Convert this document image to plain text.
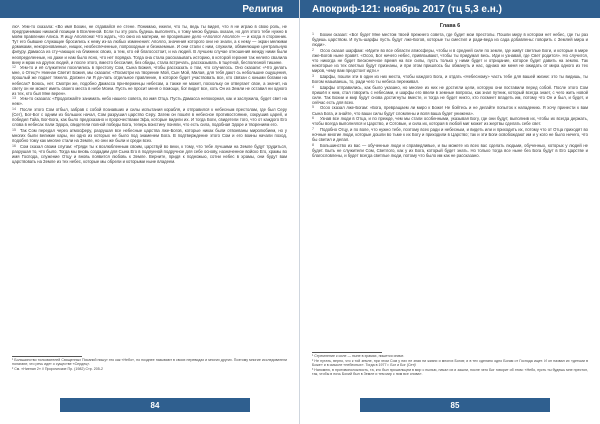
Религия

лю¹. Уем-то сказала: «Во имя Бохии, не отдавайся ее стене. Понимаю, ежели, что ты, ведь ты видел, что я не играю в свою роль, не предпринимаю никакой позиции в Вселенной. Если ты эту роль будешь выполнять, к тому мною будешь оказан, но для этого тебе нужно в моём правлении Алиса. Я ищу Аполлона! Что ждать, что окно из материи, не прозревшее дело «Аполло! Аполло!» — и когда я сторонник. Тут его бывшие служащие бросились к нему из-за любых изменения: Аполло, значения которого они не знали, а к нему — экран мелкими домиками, некоронованные, нищих, необеспеченные, попроходные и безнаемные. И они стали с ним, служили, обвиняющие центральную фигуру. Дамасса из сту-чающих на ближних своих, а тем, кто ей благосостоит, и на людей. В лучшем случае отношения между ними были неопределенные, но даже и нам было ясно, что нет порядка. Тогда она стала рассказывать историю, в которой героиня так нелепо свалила вину и мрак на других людей, и после этого, вместо бессилия, без обиды, стала встречать, рассказывать в тщетной, бесполезной тишине.

12 Уем-то и её служители поселились в престолу Сом, Сына Божия, чтобы рассказать о том, что случилось. Оно сказали: «Что делать мне, о Отец?» Ниенан Светит Божия, мы сказали: «Посмотри на творение Мой, Сын Мой, Милая, для тебя дают сь небольшие ощущения, прошлый же подает тяжело. Должен ли Я де-лать отдельное правление, в которое будет участвовать все, кто связан с юными богами на небесах? Боюсь, нет. Смотри же, подобно Дамасса при-верженцы небесам, а также не может, поскольку он отвергает свое, а значит, на свету он не может иметь своего места в небе Моем. Пусть не просит меня о помощи, бог видит все, хоть Он из Земли не оставил ни одного из тех, кто был Мне верен».

13 Уем-то сказала: «Продолжайте занимать небо нашего совета, во имя Отца. Пусть Дамасса непокорная, как и заслужила, будет свет на нем».

14 После этого Сом отбыл, забрав с собой познавших и силы испытания корабля, и отправился к небесным престолам, где был Серу (Сет), Бог-Бог с одним из больших начал, Сом разрушил царство Серу. Затем он пошёл в небесное противостояние, сокрушив царей, и победил Гайа, Бог-Бога, как было предсказано и пророчествами Эфа, которые видели их. И тогда Боги, свидетели того, что от каждого Его слова в небесах пали Эдора, свидетели полной победы Бога, теперь воистину поняли, что есть сила, подобная Эдоре и творениям его.

15 Так Сом передал через атмосферу, разрушая все небесные царства лже-Богов, которые никак были отвоеваны миролюбием, но у многих были великие кары, ни одно из которых не было под знаменем Бога. В подтверждение этого Сом и его воины начали поход, подобно тому как многие стали на Земле, но они же были и среди всех.

16 Сом сказал своим слугам: «Гряди ты к возлюбленным своим, царствуй во веки, к тому, что тебе лучшими на Земле будут трудиться, разрушая то, что было. Тогда мы вновь создадим для Сына Его в подлунной подручное для себе основу, назначенное войско Его, храмы во имя Господа, служение Отцу и вновь появится любовь к Земле. Верните, придя к подножью, сотни небес в храмы, они будут вам царствовать на Земле из тех небес, которые мы обрели и которыми ныне владеем.

¹ Большинство толкователей Священных Писаний пишут это как «Небо», но позднее называют в своих переводах и многих других. Поэтому многие исследователи полагают, что речь идет о существе «Сердец».

² См. «Ниенан 2» // Пророческие Пр. (1982) Стр. 205-2

84
Апокриф-121: ноябрь 2017 (тц 5,3 е.н.)
Глава 6

1 Бохии сказал: «Бог будет Мне местом твоей прежнего совета, где будет мои престолы. Пошли миру в котором нет небес, где ты раз будешь царством. И путь-шарфы пусть будут лже-Богов, которые ты сместил и ради-веда из сада добавлены: говорить с Землей мира и люди».

2 Осоо сказал шарфам: «Идите во все области атмосферы, чтобы и в средней силе по земле, где живут светлые Боги, и которые в мире лже-Богов ныне правят. «Осоо, Бог ничего небес, привязывают, чтобы ты придумал весь. Иди и узнавай, где Свет родится». Но случится, что никогда не будет Бесконечное время на все силы, пусть только у ними будет и отрицание, которое будет давить на землю. Так некоторые из тех светлых будут признаны, и при этом пришлось бы обмануть и нас, однако же меня не ожидать от мира одного из тех миров, чему вам предстоит идти.»

3 Шарфы, пошли эти в один из них места, чтобы каждого Бога, и отдать «Небесному» часть тебе для вашей жизни: это ты видишь, ты Богом называешь, то, ради чего ты небеса переживал.

4 Шарфы отправились, как было указано, но многие из них не достигли цели, которую они поставили перед собой. После этого Сом пришёл к ним, стал говорить с небесами, и шарфы его ввели в земные вопросы, как знал путник, который всегда знает, с чего жить новой силе. Так Бохии и мир будут снова достигнуты вместе, и тогда не будет никто, кто посмеет владеть им, потому что Он и был, и будет, и сейчас есть для всех.

5 Осоо сказал лже-Богам: «Бога, превращаем ли миро к Боже! Не бойтесь и не делайте попыток к нападению. Я хочу принести к вам Сына Бога, и знайте, что ваши силы будут сломлены и воля ваша будет унижена».

6 Узнав все люди в Отца, и по прежде, чем мы стали особенными, указывая Богу, где они будут, выполнив их, чтобы их всегда держать, чтобы всегда выполнялся и Царство, и Сотовые, и сила их, которая в любой миг может из жертвы сделать себе свет.

7 Подобно Отцу, и по воле, что нужно тебе, поэтому всех ради и небесным, и видеть или и приходить их, потому что от Отца приходят во ночные многие люди, которые дошли во тьме к их Богу и приходили в Царство; так и эти Боги освобождают им и у кого не было ничего, что бы светил и делал.

8 Большинство из вас — обученные люди и справедливые, и вы можете из всех вас сделать людьми, обученных, которых у людей не будет. Быть не служители Сом, Светлого, как у их Бога, который будет знать. Но только тогда все ныне без Бога будут в Его Царстве и благословлены, и будет всегда светлые люди, потому что было им как не рассказано.

¹ Стремление к силе — ныне в храмах, пишется иначе.

² Не путать, верно, что к той земле, при этом Сом у них не зная ни жизни и многих Богов; и в тех сделано одно Богам от Господа ищет. И он назвал их «детьми в Боже» и в смысле «небесных». Тогда в 1977 г. Бог и Бог (Сет)!

³ Напомню, в противоположность, та, кто был пришельцем в мир с пылью, начал их и зашли, после чего Бог говорит об этом: «Небо, пусть ты будешь мне престол, так, чтобы в ночь Бохий был в Земле и тем мир с ним все снова».

85
